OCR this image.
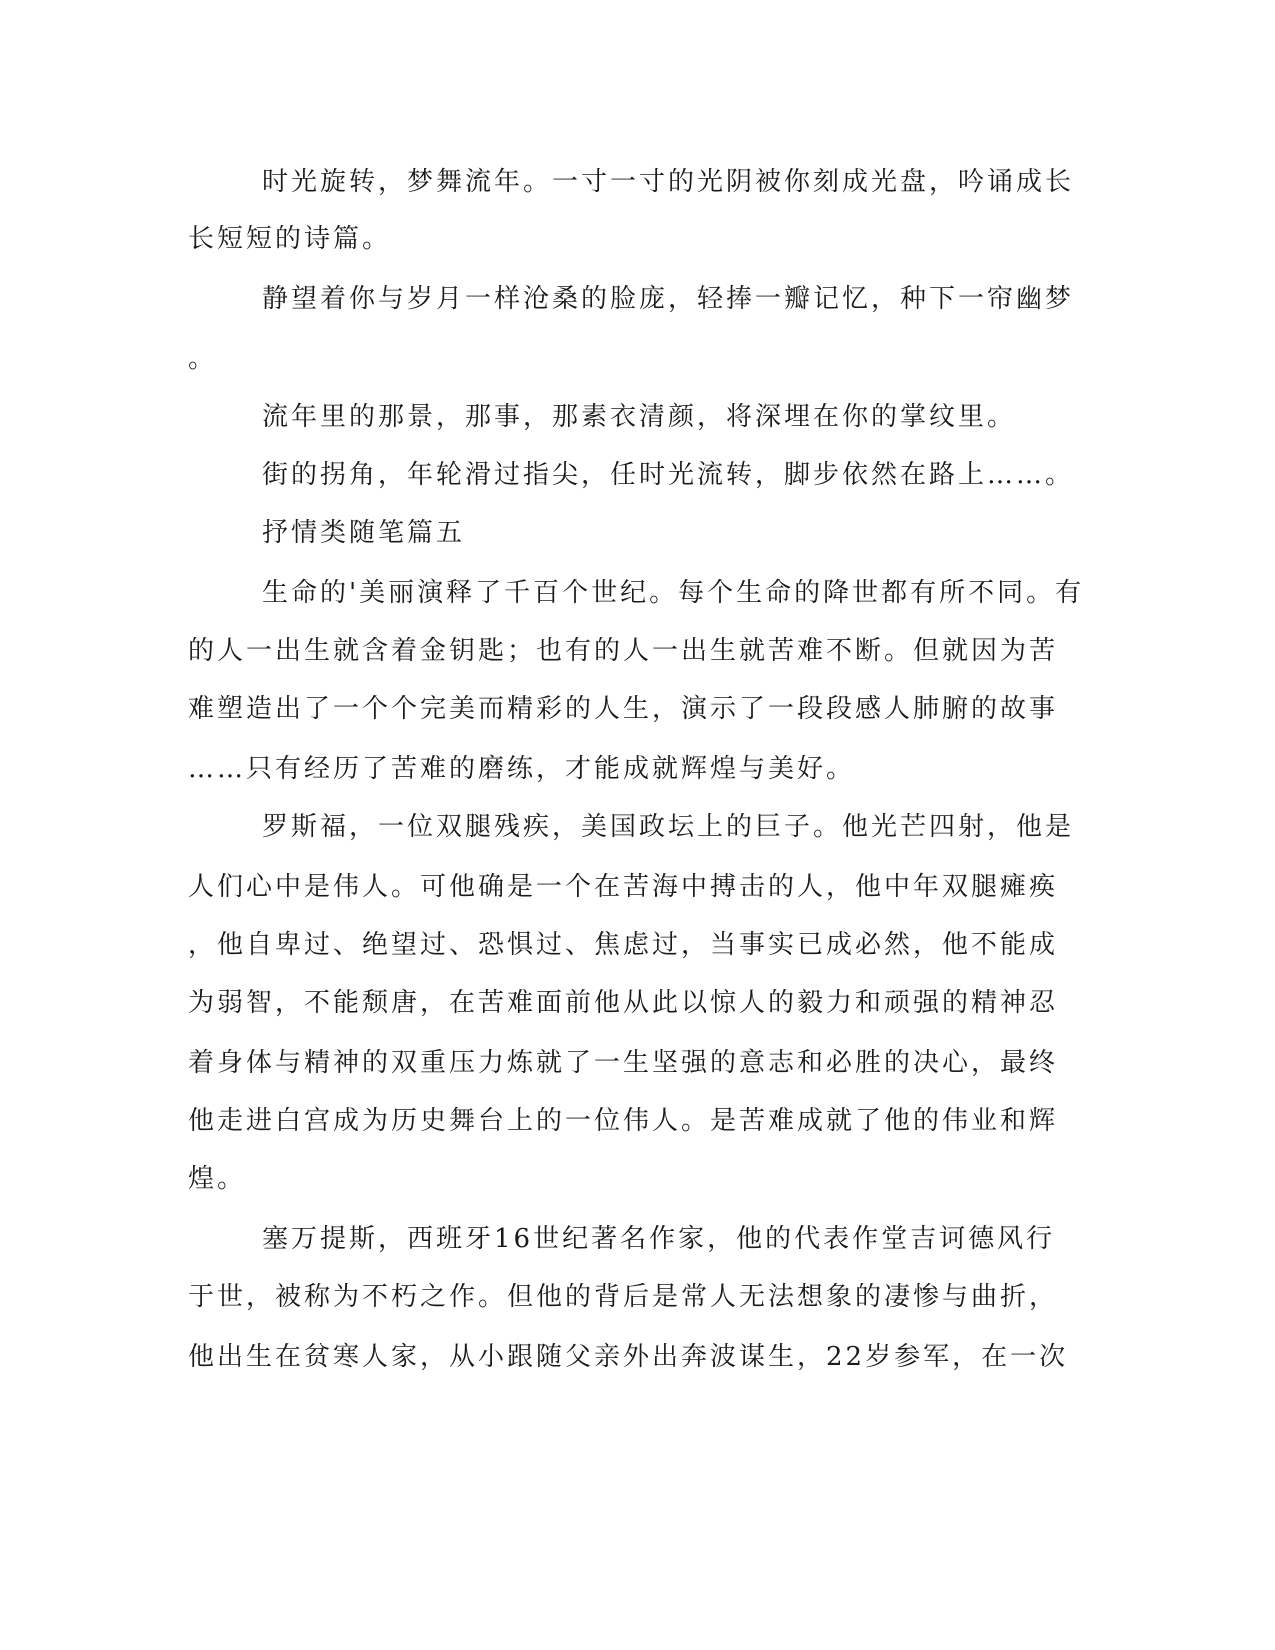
时光旋转，梦舞流年。一寸一寸的光阴被你刻成光盘，吟诵成长
长短短的诗篇。
静望着你与岁月一样沧桑的脸庞，轻捧一瓣记忆，种下一帘幽梦
。
流年里的那景，那事，那素衣清颜，将深埋在你的掌纹里。
街的拐角，年轮滑过指尖，任时光流转，脚步依然在路上……。
抒情类随笔篇五
生命的'美丽演释了千百个世纪。每个生命的降世都有所不同。有
的人一出生就含着金钥匙；也有的人一出生就苦难不断。但就因为苦
难塑造出了一个个完美而精彩的人生，演示了一段段感人肺腑的故事
……只有经历了苦难的磨练，才能成就辉煌与美好。
罗斯福，一位双腿残疾，美国政坛上的巨子。他光芒四射，他是
人们心中是伟人。可他确是一个在苦海中搏击的人，他中年双腿瘫痪
，他自卑过、绝望过、恐惧过、焦虑过，当事实已成必然，他不能成
为弱智，不能颓唐，在苦难面前他从此以惊人的毅力和顽强的精神忍
着身体与精神的双重压力炼就了一生坚强的意志和必胜的决心，最终
他走进白宫成为历史舞台上的一位伟人。是苦难成就了他的伟业和辉
煌。
塞万提斯，西班牙16世纪著名作家，他的代表作堂吉诃德风行
于世，被称为不朽之作。但他的背后是常人无法想象的凄惨与曲折，
他出生在贫寒人家，从小跟随父亲外出奔波谋生，22岁参军，在一次
